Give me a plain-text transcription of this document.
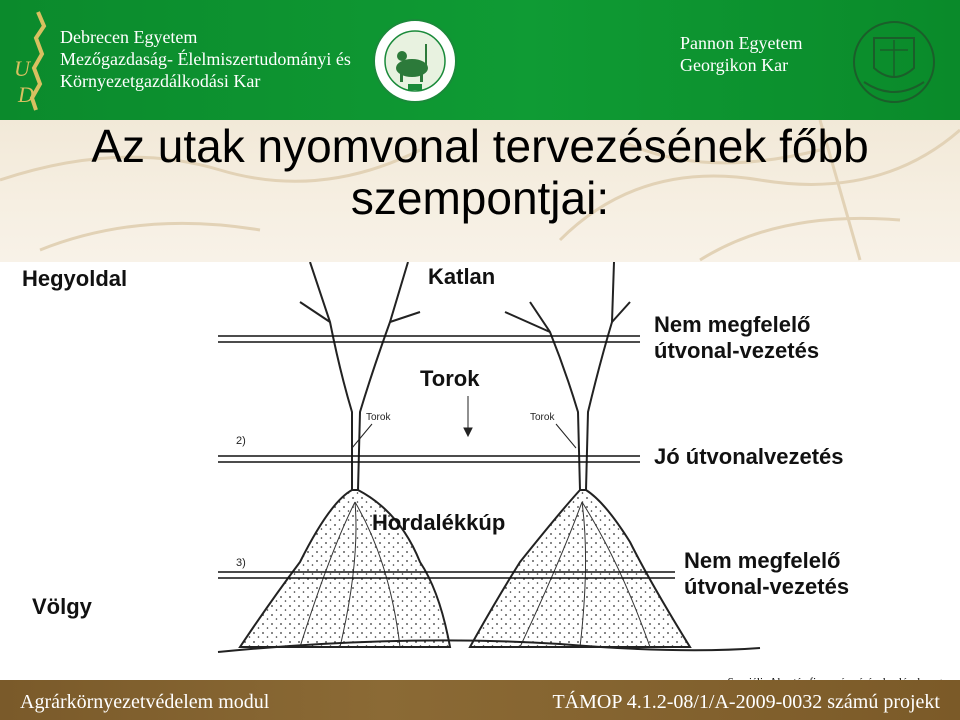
U
D
Debrecen Egyetem
Mezőgazdaság- Élelmiszertudományi és
Környezetgazdálkodási Kar
Pannon Egyetem
Georgikon Kar
Az utak nyomvonal tervezésének főbb szempontjai:
Hegyoldal	Katlan
Torok
Hordalékkúp
Völgy
Nem megfelelő
útvonal-vezetés
Jó útvonalvezetés
Nem megfelelő
útvonal-vezetés
Torok	Torok
2)
3)
Agrárkörnyezetvédelem modul	TÁMOP 4.1.2-08/1/A-2009-0032 számú projekt
